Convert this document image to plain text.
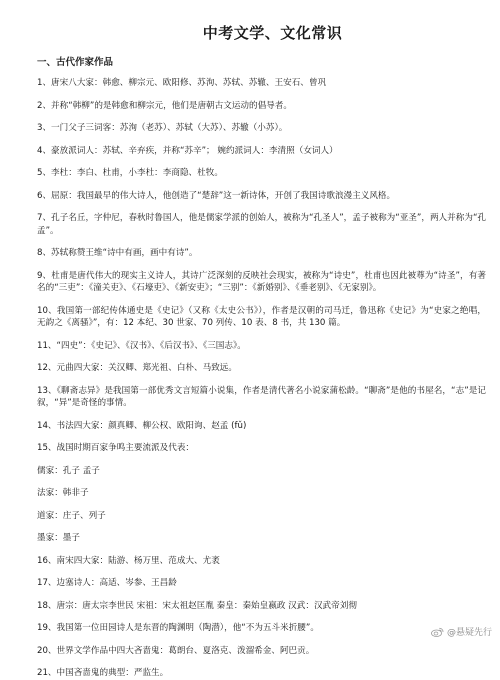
中考文学、文化常识
一、古代作家作品
1、唐宋八大家：韩愈、柳宗元、欧阳修、苏洵、苏轼、苏辙、王安石、曾巩
2、并称“韩柳”的是韩愈和柳宗元，他们是唐朝古文运动的倡导者。
3、一门父子三词客：苏洵（老苏）、苏轼（大苏）、苏辙（小苏）。
4、豪放派词人：苏轼、辛弃疾，并称“苏辛”； 婉约派词人：李清照（女词人）
5、李杜：李白、杜甫，小李杜：李商隐、杜牧。
6、屈原：我国最早的伟大诗人，他创造了“楚辞”这一新诗体，开创了我国诗歌浪漫主义风格。
7、孔子名丘，字仲尼，春秋时鲁国人，他是儒家学派的创始人，被称为“孔圣人”，孟子被称为“亚圣”，两人并称为“孔孟”。
8、苏轼称赞王维“诗中有画，画中有诗”。
9、杜甫是唐代伟大的现实主义诗人，其诗广泛深刻的反映社会现实，被称为“诗史”，杜甫也因此被尊为“诗圣”，有著名的“三吏”：《潼关吏》、《石壕吏》、《新安吏》；“三别”：《新婚别》、《垂老别》、《无家别》。
10、我国第一部纪传体通史是《史记》（又称《太史公书》），作者是汉朝的司马迁，鲁迅称《史记》为“史家之绝唱，无韵之《离骚》”，有：12 本纪、30 世家、70 列传、10 表、8 书，共 130 篇。
11、“四史”：《史记》、《汉书》、《后汉书》、《三国志》。
12、元曲四大家：关汉卿、郑光祖、白朴、马致远。
13、《聊斋志异》是我国第一部优秀文言短篇小说集，作者是清代著名小说家蒲松龄。“聊斋”是他的书屋名，“志”是记叙，“异”是奇怪的事情。
14、书法四大家：颜真卿、柳公权、欧阳询、赵孟 (fǔ)
15、战国时期百家争鸣主要流派及代表：
儒家：孔子 孟子
法家：韩非子
道家：庄子、列子
墨家：墨子
16、南宋四大家：陆游、杨万里、范成大、尤袤
17、边塞诗人：高适、岑参、王昌龄
18、唐宗：唐太宗李世民 宋祖：宋太祖赵匡胤 秦皇：秦始皇嬴政 汉武：汉武帝刘彻
19、我国第一位田园诗人是东晋的陶渊明（陶潜），他“不为五斗米折腰”。
20、世界文学作品中四大吝啬鬼：葛朗台、夏洛克、泼溜希金、阿巴贡。
21、中国吝啬鬼的典型：严监生。
@悬疑先行
